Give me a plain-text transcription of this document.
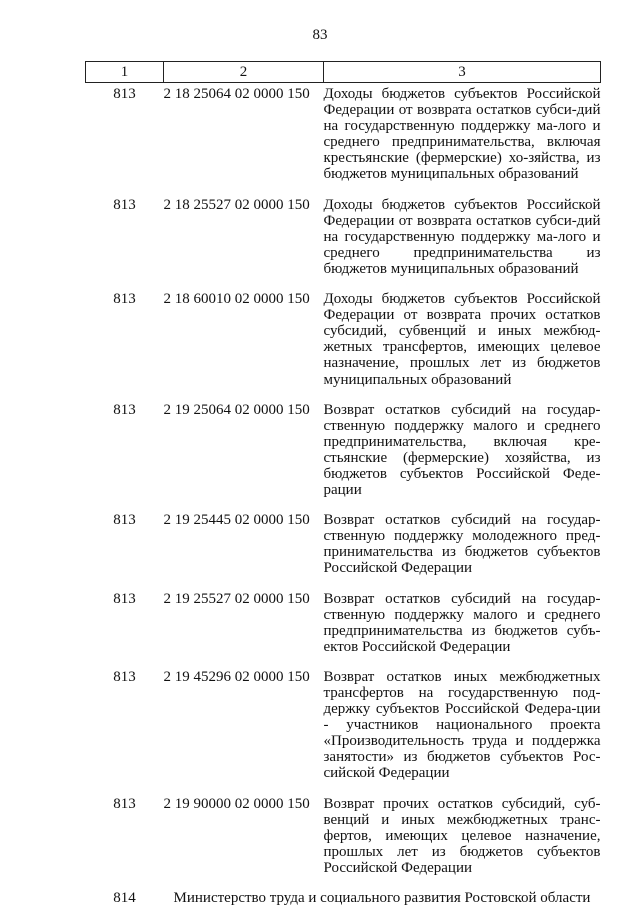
83
1	2	3
813	2 18 25064 02 0000 150	Доходы бюджетов субъектов Российской Федерации от возврата остатков субси-дий на государственную поддержку ма-лого и среднего предпринимательства, включая крестьянские (фермерские) хо-зяйства, из бюджетов муниципальных образований
813	2 18 25527 02 0000 150	Доходы бюджетов субъектов Российской Федерации от возврата остатков субси-дий на государственную поддержку ма-лого и среднего предпринимательства из бюджетов муниципальных образований
813	2 18 60010 02 0000 150	Доходы бюджетов субъектов Российской Федерации от возврата прочих остатков субсидий, субвенций и иных межбюд-жетных трансфертов, имеющих целевое назначение, прошлых лет из бюджетов муниципальных образований
813	2 19 25064 02 0000 150	Возврат остатков субсидий на государ-ственную поддержку малого и среднего предпринимательства, включая кре-стьянские (фермерские) хозяйства, из бюджетов субъектов Российской Феде-рации
813	2 19 25445 02 0000 150	Возврат остатков субсидий на государ-ственную поддержку молодежного пред-принимательства из бюджетов субъектов Российской Федерации
813	2 19 25527 02 0000 150	Возврат остатков субсидий на государ-ственную поддержку малого и среднего предпринимательства из бюджетов субъ-ектов Российской Федерации
813	2 19 45296 02 0000 150	Возврат остатков иных межбюджетных трансфертов на государственную под-держку субъектов Российской Федера-ции - участников национального проекта «Производительность труда и поддержка занятости» из бюджетов субъектов Рос-сийской Федерации
813	2 19 90000 02 0000 150	Возврат прочих остатков субсидий, суб-венций и иных межбюджетных транс-фертов, имеющих целевое назначение, прошлых лет из бюджетов субъектов Российской Федерации
814	Министерство труда и социального развития Ростовской области	
